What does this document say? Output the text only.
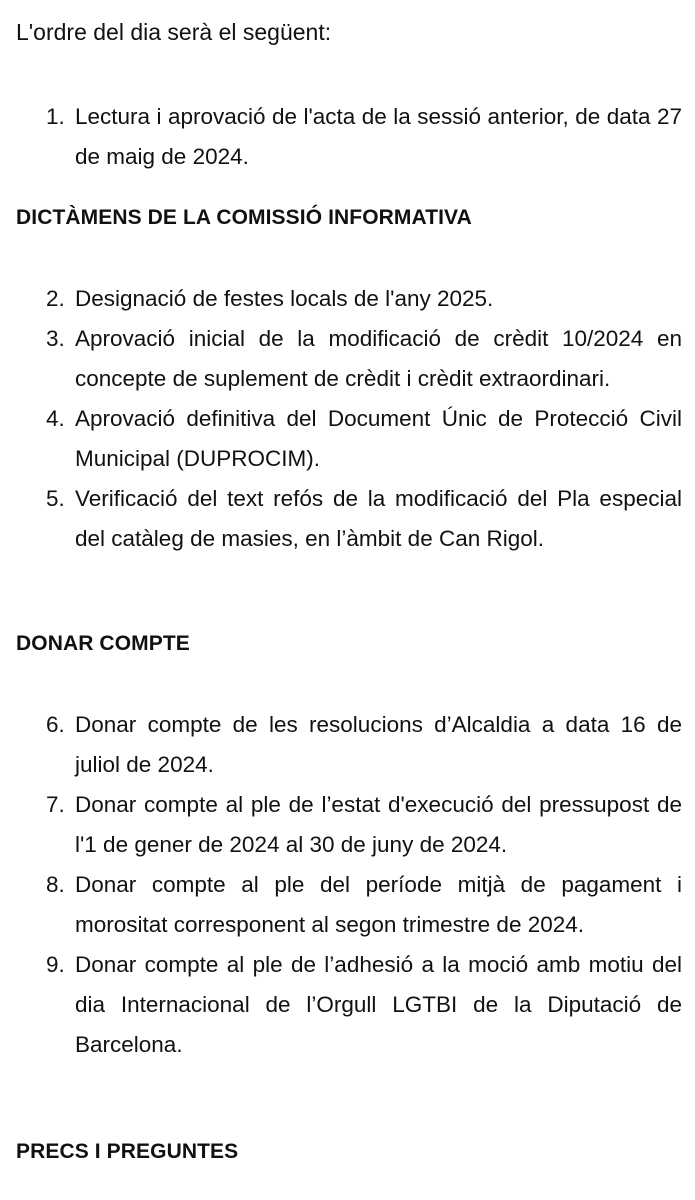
L'ordre del dia serà el següent:

1. Lectura i aprovació de l'acta de la sessió anterior, de data 27 de maig de 2024.
DICTÀMENS DE LA COMISSIÓ INFORMATIVA
2. Designació de festes locals de l'any 2025.
3. Aprovació inicial de la modificació de crèdit 10/2024 en concepte de suplement de crèdit i crèdit extraordinari.
4. Aprovació definitiva del Document Únic de Protecció Civil Municipal (DUPROCIM).
5. Verificació del text refós de la modificació del Pla especial del catàleg de masies, en l’àmbit de Can Rigol.
DONAR COMPTE
6. Donar compte de les resolucions d’Alcaldia a data 16 de juliol de 2024.
7. Donar compte al ple de l’estat d'execució del pressupost de l'1 de gener de 2024 al 30 de juny de 2024.
8. Donar compte al ple del període mitjà de pagament i morositat corresponent al segon trimestre de 2024.
9. Donar compte al ple de l’adhesió a la moció amb motiu del dia Internacional de l’Orgull LGTBI de la Diputació de Barcelona.
PRECS I PREGUNTES
